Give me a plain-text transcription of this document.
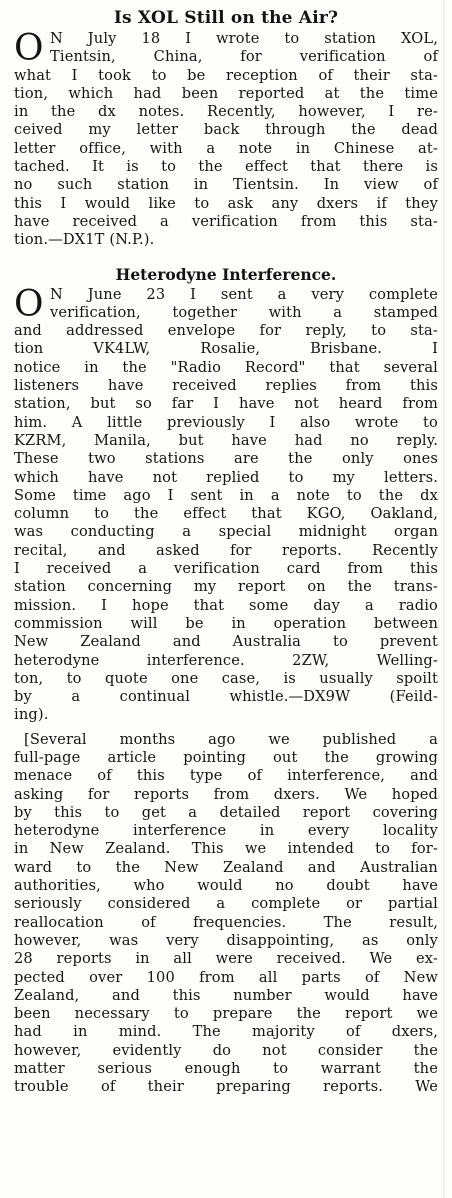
Is XOL Still on the Air?
O N July 18 I wrote to station XOL,
Tientsin, China, for verification of
what I took to be reception of their sta-
tion, which had been reported at the time
in the dx notes. Recently, however, I re-
ceived my letter back through the dead
letter office, with a note in Chinese at-
tached. It is to the effect that there is
no such station in Tientsin. In view of
this I would like to ask any dxers if they
have received a verification from this sta-
tion.—DX1T (N.P.).
Heterodyne Interference.
O N June 23 I sent a very complete
verification, together with a stamped
and addressed envelope for reply, to sta-
tion VK4LW, Rosalie, Brisbane. I
notice in the "Radio Record" that several
listeners have received replies from this
station, but so far I have not heard from
him. A little previously I also wrote to
KZRM, Manila, but have had no reply.
These two stations are the only ones
which have not replied to my letters.
Some time ago I sent in a note to the dx
column to the effect that KGO, Oakland,
was conducting a special midnight organ
recital, and asked for reports. Recently
I received a verification card from this
station concerning my report on the trans-
mission. I hope that some day a radio
commission will be in operation between
New Zealand and Australia to prevent
heterodyne interference. 2ZW, Welling-
ton, to quote one case, is usually spoilt
by a continual whistle.—DX9W (Feild-
ing).
[Several months ago we published a
full-page article pointing out the growing
menace of this type of interference, and
asking for reports from dxers. We hoped
by this to get a detailed report covering
heterodyne interference in every locality
in New Zealand. This we intended to for-
ward to the New Zealand and Australian
authorities, who would no doubt have
seriously considered a complete or partial
reallocation of frequencies. The result,
however, was very disappointing, as only
28 reports in all were received. We ex-
pected over 100 from all parts of New
Zealand, and this number would have
been necessary to prepare the report we
had in mind. The majority of dxers,
however, evidently do not consider the
matter serious enough to warrant the
trouble of their preparing reports. We
